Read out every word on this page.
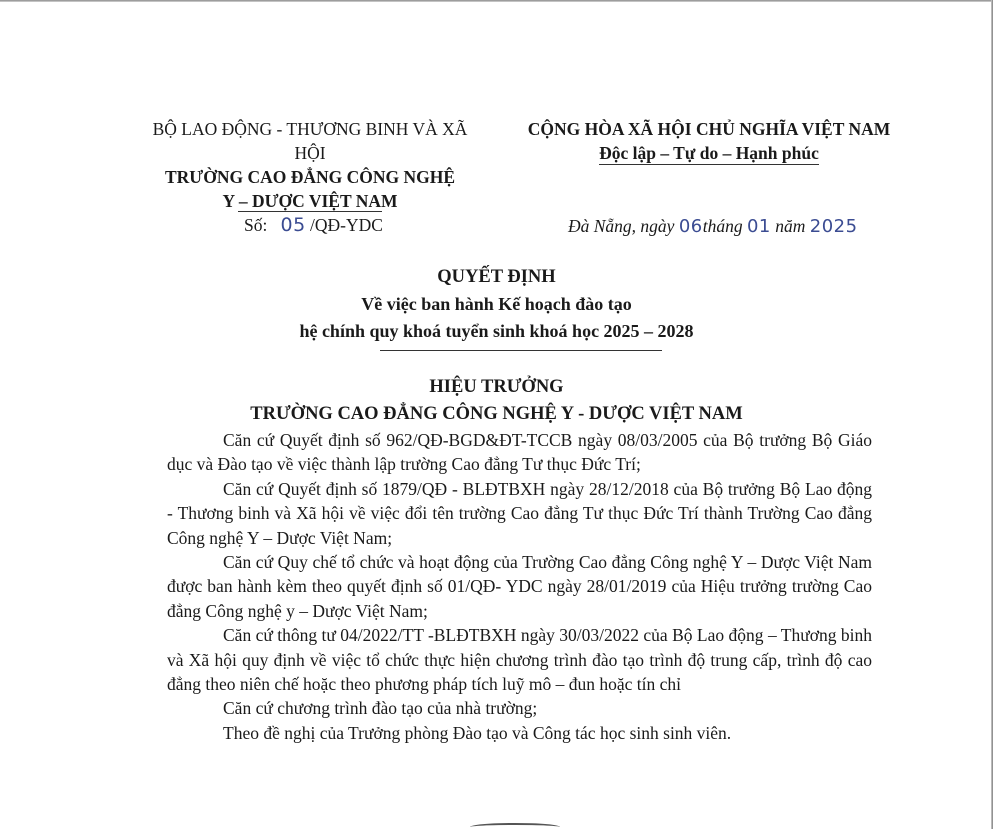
BỘ LAO ĐỘNG - THƯƠNG BINH VÀ XÃ HỘI
TRƯỜNG CAO ĐẲNG CÔNG NGHỆ
Y – DƯỢC VIỆT NAM
CỘNG HÒA XÃ HỘI CHỦ NGHĨA VIỆT NAM
Độc lập – Tự do – Hạnh phúc
Số: 05 /QĐ-YDC	Đà Nẵng, ngày 06tháng 01 năm 2025
QUYẾT ĐỊNH
Về việc ban hành Kế hoạch đào tạo
hệ chính quy khoá tuyển sinh khoá học 2025 – 2028
HIỆU TRƯỞNG
TRƯỜNG CAO ĐẲNG CÔNG NGHỆ Y - DƯỢC VIỆT NAM

Căn cứ Quyết định số 962/QĐ-BGD&ĐT-TCCB ngày 08/03/2005 của Bộ trưởng Bộ Giáo dục và Đào tạo về việc thành lập trường Cao đẳng Tư thục Đức Trí;

Căn cứ Quyết định số 1879/QĐ - BLĐTBXH ngày 28/12/2018 của Bộ trưởng Bộ Lao động - Thương binh và Xã hội về việc đổi tên trường Cao đẳng Tư thục Đức Trí thành Trường Cao đẳng Công nghệ Y – Dược Việt Nam;

Căn cứ Quy chế tổ chức và hoạt động của Trường Cao đẳng Công nghệ Y – Dược Việt Nam được ban hành kèm theo quyết định số 01/QĐ- YDC ngày 28/01/2019 của Hiệu trưởng trường Cao đẳng Công nghệ y – Dược Việt Nam;

Căn cứ thông tư 04/2022/TT -BLĐTBXH ngày 30/03/2022 của Bộ Lao động – Thương binh và Xã hội quy định về việc tổ chức thực hiện chương trình đào tạo trình độ trung cấp, trình độ cao đẳng theo niên chế hoặc theo phương pháp tích luỹ mô – đun hoặc tín chỉ

Căn cứ chương trình đào tạo của nhà trường;

Theo đề nghị của Trưởng phòng Đào tạo và Công tác học sinh sinh viên.
